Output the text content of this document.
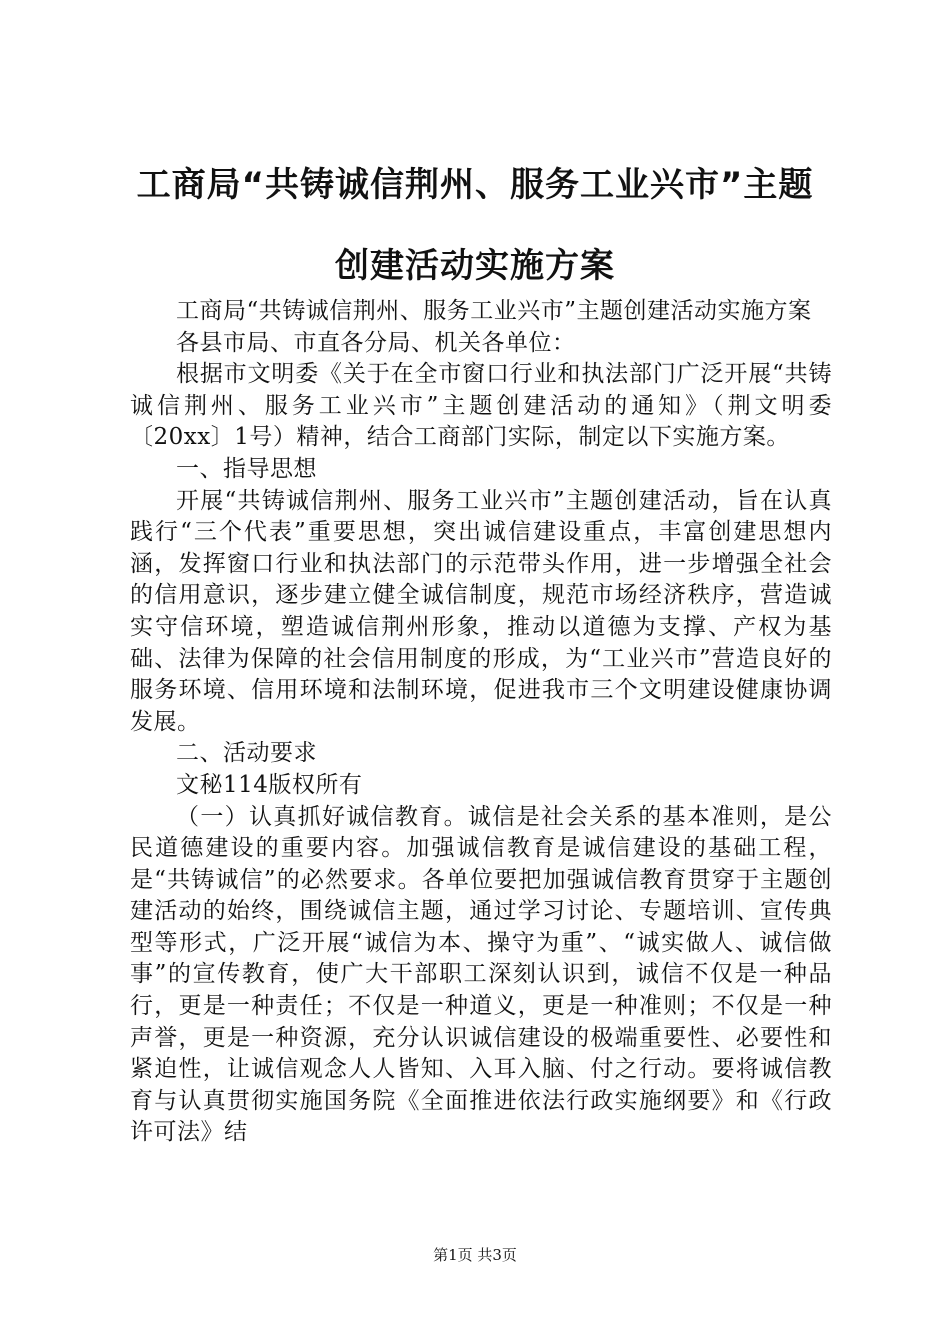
工商局“共铸诚信荆州、服务工业兴市”主题
创建活动实施方案

工商局“共铸诚信荆州、服务工业兴市”主题创建活动实施方案

各县市局、市直各分局、机关各单位：

根据市文明委《关于在全市窗口行业和执法部门广泛开展“共铸诚信荆州、服务工业兴市”主题创建活动的通知》（荆文明委〔20xx〕1号）精神，结合工商部门实际，制定以下实施方案。

一、指导思想

开展“共铸诚信荆州、服务工业兴市”主题创建活动，旨在认真践行“三个代表”重要思想，突出诚信建设重点，丰富创建思想内涵，发挥窗口行业和执法部门的示范带头作用，进一步增强全社会的信用意识，逐步建立健全诚信制度，规范市场经济秩序，营造诚实守信环境，塑造诚信荆州形象，推动以道德为支撑、产权为基础、法律为保障的社会信用制度的形成，为“工业兴市”营造良好的服务环境、信用环境和法制环境，促进我市三个文明建设健康协调发展。

二、活动要求

文秘114版权所有

（一）认真抓好诚信教育。诚信是社会关系的基本准则，是公民道德建设的重要内容。加强诚信教育是诚信建设的基础工程，是“共铸诚信”的必然要求。各单位要把加强诚信教育贯穿于主题创建活动的始终，围绕诚信主题，通过学习讨论、专题培训、宣传典型等形式，广泛开展“诚信为本、操守为重”、“诚实做人、诚信做事”的宣传教育，使广大干部职工深刻认识到，诚信不仅是一种品行，更是一种责任；不仅是一种道义，更是一种准则；不仅是一种声誉，更是一种资源，充分认识诚信建设的极端重要性、必要性和紧迫性，让诚信观念人人皆知、入耳入脑、付之行动。要将诚信教育与认真贯彻实施国务院《全面推进依法行政实施纲要》和《行政许可法》结

第1页 共3页
